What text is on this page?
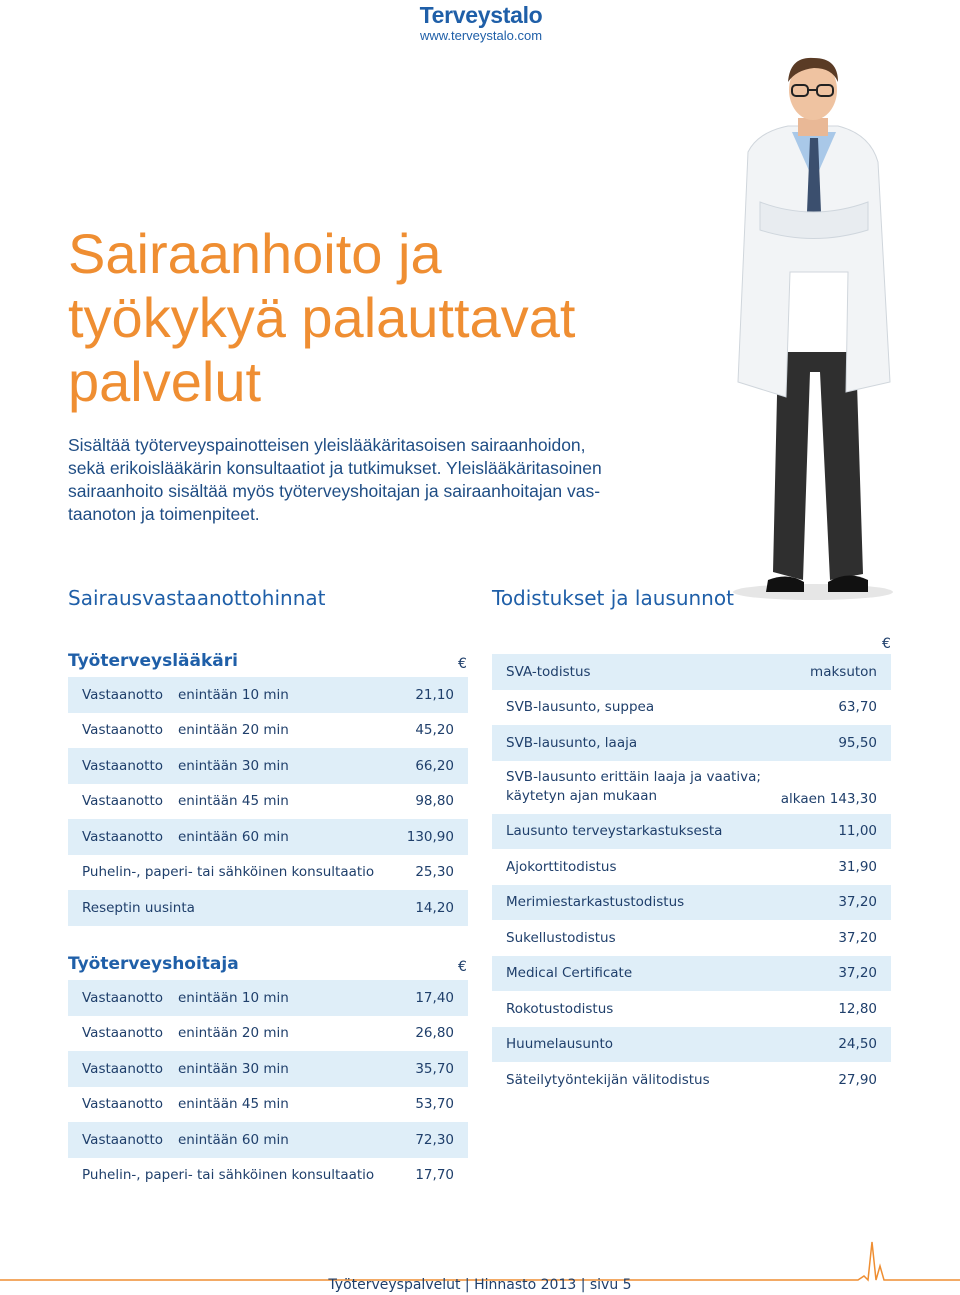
Terveystalo
www.terveystalo.com
Sairaanhoito ja
työkykyä palauttavat
palvelut

Sisältää työterveyspainotteisen yleislääkäritasoisen sairaanhoidon,
sekä erikoislääkärin konsultaatiot ja tutkimukset. Yleislääkäritasoinen
sairaanhoito sisältää myös työterveyshoitajan ja sairaanhoitajan vas-
taanoton ja toimenpiteet.

Sairausvastaanottohinnat
Työterveyslääkäri	€
Vastaanotto	enintään 10 min	21,10
Vastaanotto	enintään 20 min	45,20
Vastaanotto	enintään 30 min	66,20
Vastaanotto	enintään 45 min	98,80
Vastaanotto	enintään 60 min	130,90
Puhelin-, paperi- tai sähköinen konsultaatio	25,30
Reseptin uusinta	14,20
Työterveyshoitaja	€
Vastaanotto	enintään 10 min	17,40
Vastaanotto	enintään 20 min	26,80
Vastaanotto	enintään 30 min	35,70
Vastaanotto	enintään 45 min	53,70
Vastaanotto	enintään 60 min	72,30
Puhelin-, paperi- tai sähköinen konsultaatio	17,70
Todistukset ja lausunnot
€
SVA-todistus	maksuton
SVB-lausunto, suppea	63,70
SVB-lausunto, laaja	95,50
SVB-lausunto erittäin laaja ja vaativa;
käytetyn ajan mukaan	alkaen 143,30
Lausunto terveystarkastuksesta	11,00
Ajokorttitodistus	31,90
Merimiestarkastustodistus	37,20
Sukellustodistus	37,20
Medical Certificate	37,20
Rokotustodistus	12,80
Huumelausunto	24,50
Säteilytyöntekijän välitodistus	27,90
Työterveyspalvelut | Hinnasto 2013 | sivu 5
